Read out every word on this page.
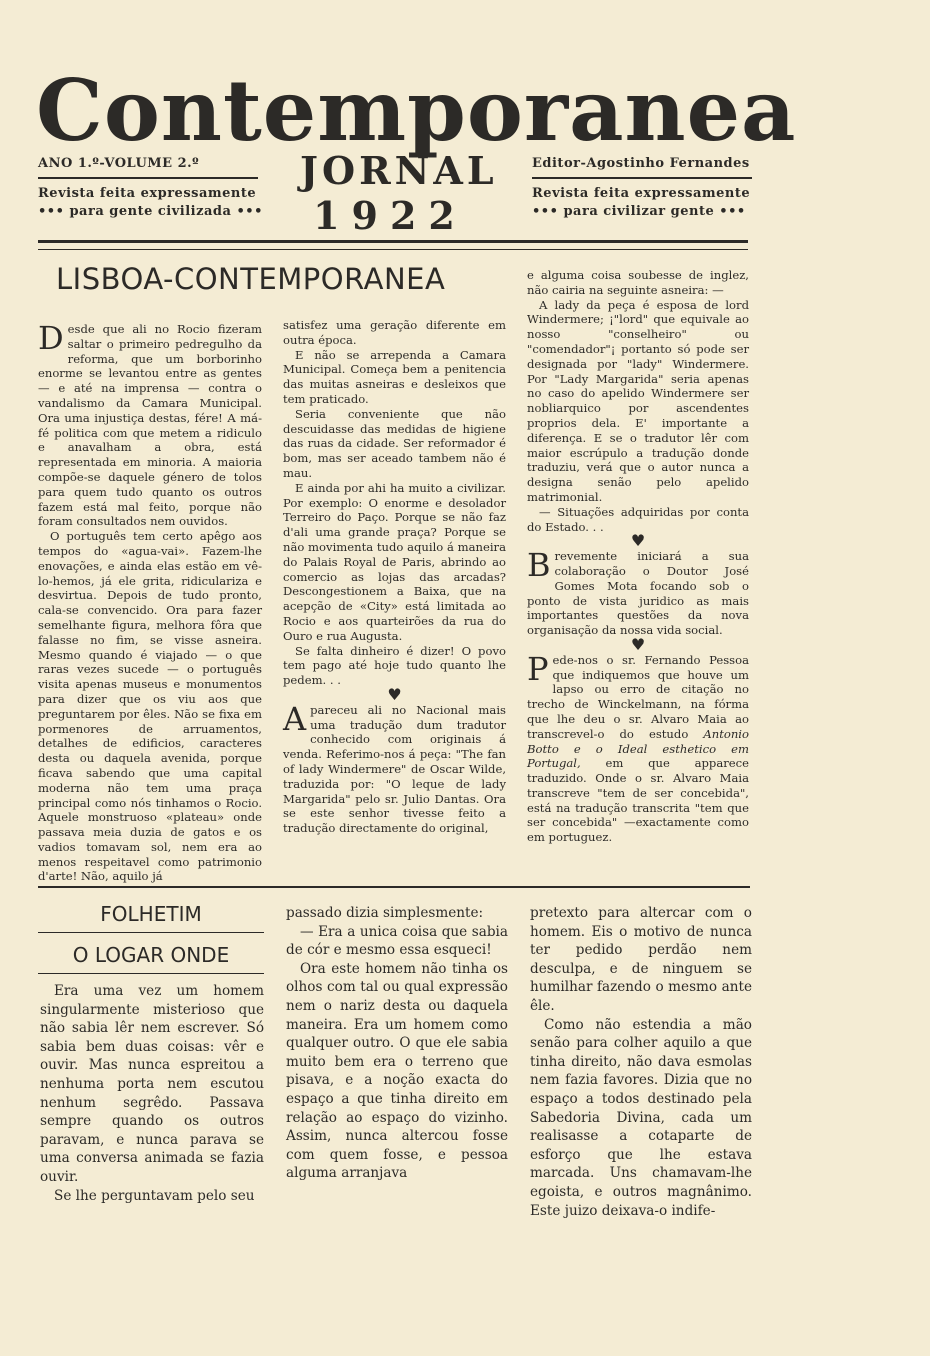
Contemporanea
ANO 1.º-VOLUME 2.º
Revista feita expressamente
••• para gente civilizada •••
JORNAL
1922
Editor-Agostinho Fernandes
Revista feita expressamente
••• para civilizar gente •••
LISBOA-CONTEMPORANEA

Desde que ali no Rocio fizeram saltar o primeiro pedregulho da reforma, que um borborinho enorme se levantou entre as gentes — e até na imprensa — contra o vandalismo da Camara Municipal. Ora uma injustiça destas, fére! A má-fé politica com que metem a ridiculo e anavalham a obra, está representada em minoria. A maioria compõe-se daquele género de tolos para quem tudo quanto os outros fazem está mal feito, porque não foram consultados nem ouvidos.

O português tem certo apêgo aos tempos do «agua-vai». Fazem-lhe enovações, e ainda elas estão em vê-lo-hemos, já ele grita, ridiculariza e desvirtua. Depois de tudo pronto, cala-se convencido. Ora para fazer semelhante figura, melhora fôra que falasse no fim, se visse asneira. Mesmo quando é viajado — o que raras vezes sucede — o português visita apenas museus e monumentos para dizer que os viu aos que preguntarem por êles. Não se fixa em pormenores de arruamentos, detalhes de edificios, caracteres desta ou daquela avenida, porque ficava sabendo que uma capital moderna não tem uma praça principal como nós tinhamos o Rocio. Aquele monstruoso «plateau» onde passava meia duzia de gatos e os vadios tomavam sol, nem era ao menos respeitavel como patrimonio d'arte! Não, aquilo já

satisfez uma geração diferente em outra época.

E não se arrependa a Camara Municipal. Começa bem a penitencia das muitas asneiras e desleixos que tem praticado.

Seria conveniente que não descuidasse das medidas de higiene das ruas da cidade. Ser reformador é bom, mas ser aceado tambem não é mau.

E ainda por ahi ha muito a civilizar. Por exemplo: O enorme e desolador Terreiro do Paço. Porque se não faz d'ali uma grande praça? Porque se não movimenta tudo aquilo á maneira do Palais Royal de Paris, abrindo ao comercio as lojas das arcadas? Descongestionem a Baixa, que na acepção de «City» está limitada ao Rocio e aos quarteirões da rua do Ouro e rua Augusta.

Se falta dinheiro é dizer! O povo tem pago até hoje tudo quanto lhe pedem. . .

♥

Apareceu ali no Nacional mais uma tradução dum tradutor conhecido com originais á venda. Referimo-nos á peça: "The fan of lady Windermere" de Oscar Wilde, traduzida por: "O leque de lady Margarida" pelo sr. Julio Dantas. Ora se este senhor tivesse feito a tradução directamente do original,

e alguma coisa soubesse de inglez, não cairia na seguinte asneira: —

A lady da peça é esposa de lord Windermere; ¡"lord" que equivale ao nosso "conselheiro" ou "comendador"¡ portanto só pode ser designada por "lady" Windermere. Por "Lady Margarida" seria apenas no caso do apelido Windermere ser nobliarquico por ascendentes proprios dela. E' importante a diferença. E se o tradutor lêr com maior escrúpulo a tradução donde traduziu, verá que o autor nunca a designa senão pelo apelido matrimonial.

— Situações adquiridas por conta do Estado. . .

♥

Brevemente iniciará a sua colaboração o Doutor José Gomes Mota focando sob o ponto de vista juridico as mais importantes questões da nova organisação da nossa vida social.

♥

Pede-nos o sr. Fernando Pessoa que indiquemos que houve um lapso ou erro de citação no trecho de Winckelmann, na fórma que lhe deu o sr. Alvaro Maia ao transcrevel-o do estudo Antonio Botto e o Ideal esthetico em Portugal, em que apparece traduzido. Onde o sr. Alvaro Maia transcreve "tem de ser concebida", está na tradução transcrita "tem que ser concebida" —exactamente como em portuguez.

FOLHETIM
O LOGAR ONDE

Era uma vez um homem singularmente misterioso que não sabia lêr nem escrever. Só sabia bem duas coisas: vêr e ouvir. Mas nunca espreitou a nenhuma porta nem escutou nenhum segrêdo. Passava sempre quando os outros paravam, e nunca parava se uma conversa animada se fazia ouvir.

Se lhe perguntavam pelo seu

passado dizia simplesmente:

— Era a unica coisa que sabia de cór e mesmo essa esqueci!

Ora este homem não tinha os olhos com tal ou qual expressão nem o nariz desta ou daquela maneira. Era um homem como qualquer outro. O que ele sabia muito bem era o terreno que pisava, e a noção exacta do espaço a que tinha direito em relação ao espaço do vizinho. Assim, nunca altercou fosse com quem fosse, e pessoa alguma arranjava

pretexto para altercar com o homem. Eis o motivo de nunca ter pedido perdão nem desculpa, e de ninguem se humilhar fazendo o mesmo ante êle.

Como não estendia a mão senão para colher aquilo a que tinha direito, não dava esmolas nem fazia favores. Dizia que no espaço a todos destinado pela Sabedoria Divina, cada um realisasse a cotaparte de esforço que lhe estava marcada. Uns chamavam-lhe egoista, e outros magnânimo. Este juizo deixava-o indife-
